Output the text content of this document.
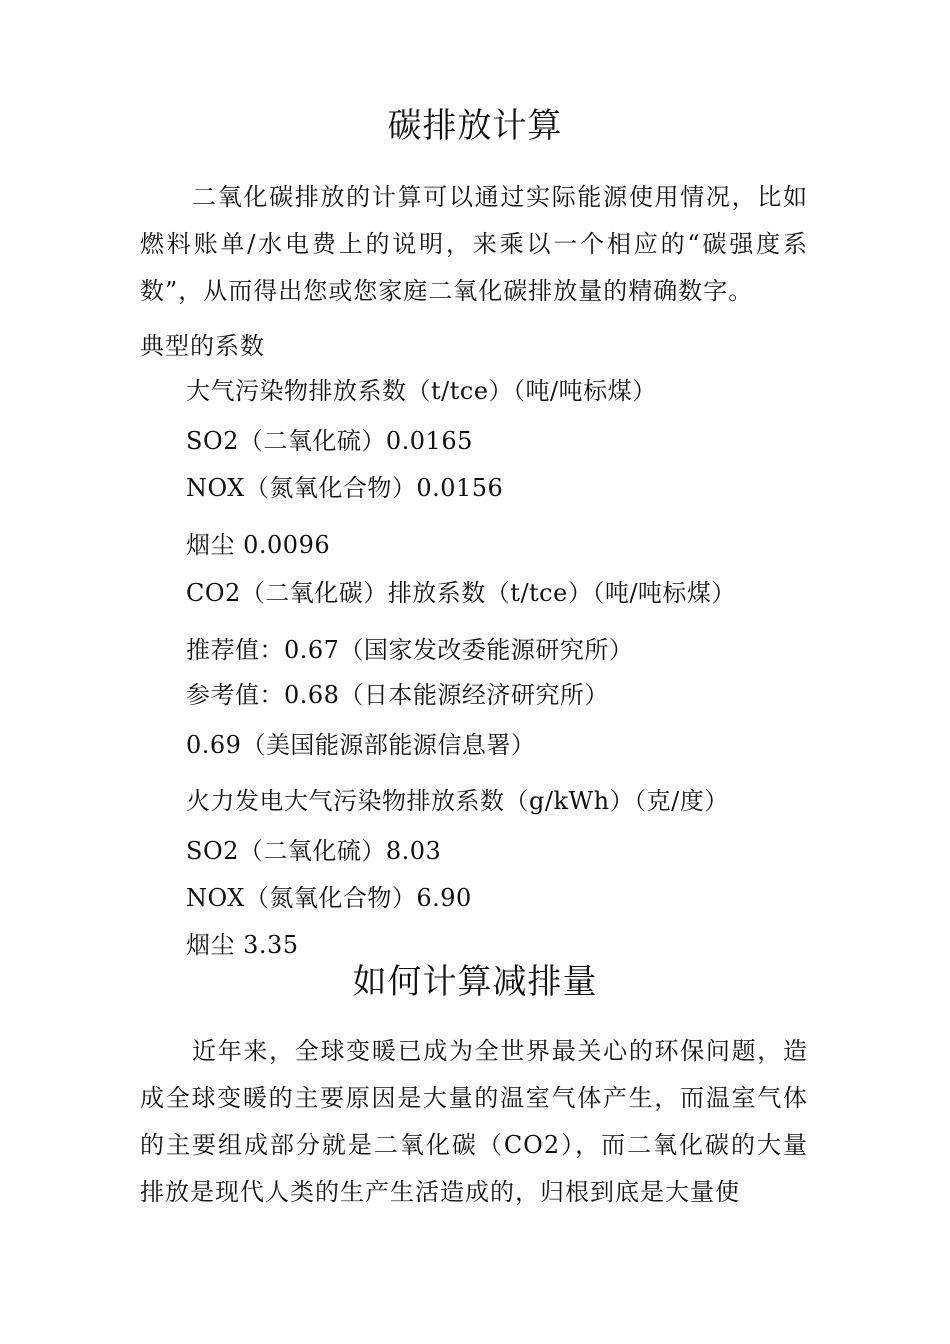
碳排放计算
二氧化碳排放的计算可以通过实际能源使用情况，比如燃料账单/水电费上的说明，来乘以一个相应的“碳强度系数”，从而得出您或您家庭二氧化碳排放量的精确数字。
典型的系数
大气污染物排放系数（t/tce）（吨/吨标煤）
SO2（二氧化硫）0.0165
NOX（氮氧化合物）0.0156
烟尘 0.0096
CO2（二氧化碳）排放系数（t/tce）（吨/吨标煤）
推荐值：0.67（国家发改委能源研究所）
参考值：0.68（日本能源经济研究所）
0.69（美国能源部能源信息署）
火力发电大气污染物排放系数（g/kWh）（克/度）
SO2（二氧化硫）8.03
NOX（氮氧化合物）6.90
烟尘 3.35
如何计算减排量
近年来，全球变暖已成为全世界最关心的环保问题，造成全球变暖的主要原因是大量的温室气体产生，而温室气体的主要组成部分就是二氧化碳（CO2），而二氧化碳的大量排放是现代人类的生产生活造成的，归根到底是大量使
